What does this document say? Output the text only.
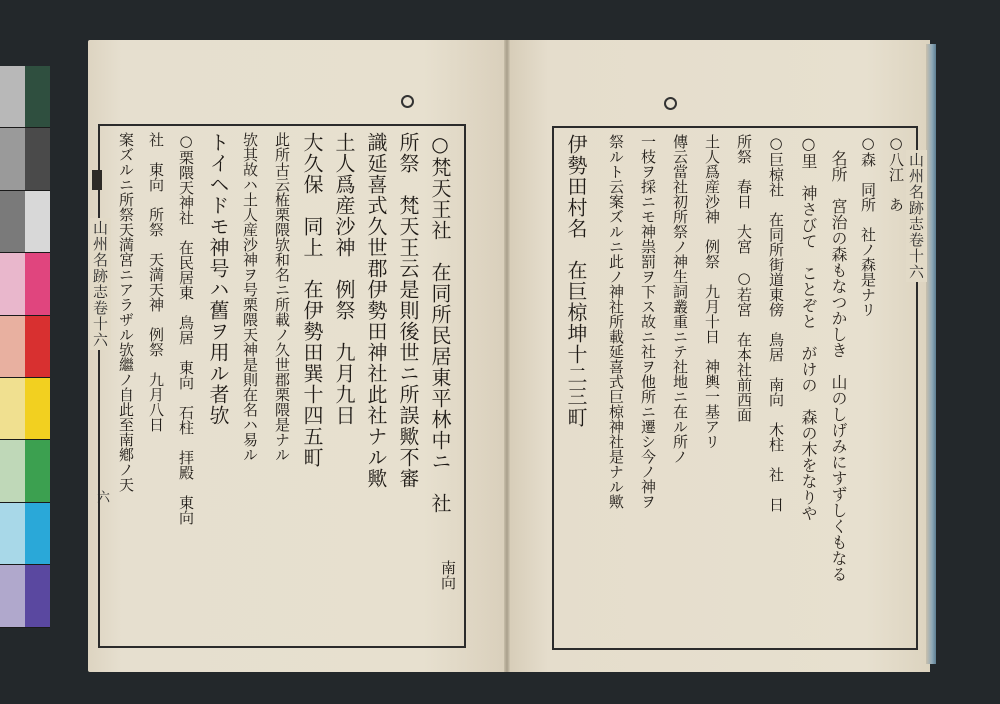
山州名跡志卷十六
六
山州名跡志卷十六
○梵天王社　在同所民居東平林中ニ　社
南向
所祭　梵天王云是則後世ニ所誤歟不審
識延喜式久世郡伊勢田神社此社ナル歟
土人爲産沙神　例祭　九月九日
大久保　同上　在伊勢田巽十四五町
此所古云𣑊栗隈欤和名ニ所載ノ久世郡栗隈是ナル
欤其故ハ土人産沙神ヲ号栗隈天神是則在名ハ易ル
トイヘドモ神号ハ舊ヲ用ル者欤
○栗隈天神社　在民居東　鳥居　東向　石柱　拝殿　東向
社　東向　所祭　天満天神　例祭　九月八日
案ズルニ所祭天満宮ニアラザル欤繼ノ自此至南鄕ノ天	○八江　あ
○森　同所　社ノ森是ナリ
名所　宮治の森もなつかしき　山のしげみにすずしくもなる
○里　神さびて　ことぞと　がけの　森の木をなりや
○巨椋社　在同所街道東傍　鳥居　南向　木柱　社　日
所祭　春日　大宮　○若宮　在本社前西面
土人爲産沙神　例祭　九月十日　神輿一基アリ
傳云當社初所祭ノ神生詞叢重ニテ社地ニ在ル所ノ
一枝ヲ採ニモ神祟罰ヲ下ス故ニ社ヲ他所ニ遷シ今ノ神ヲ
祭ルト云案ズルニ此ノ神社所載延喜式巨椋神社是ナル歟
伊勢田村名　在巨椋坤十二三町
